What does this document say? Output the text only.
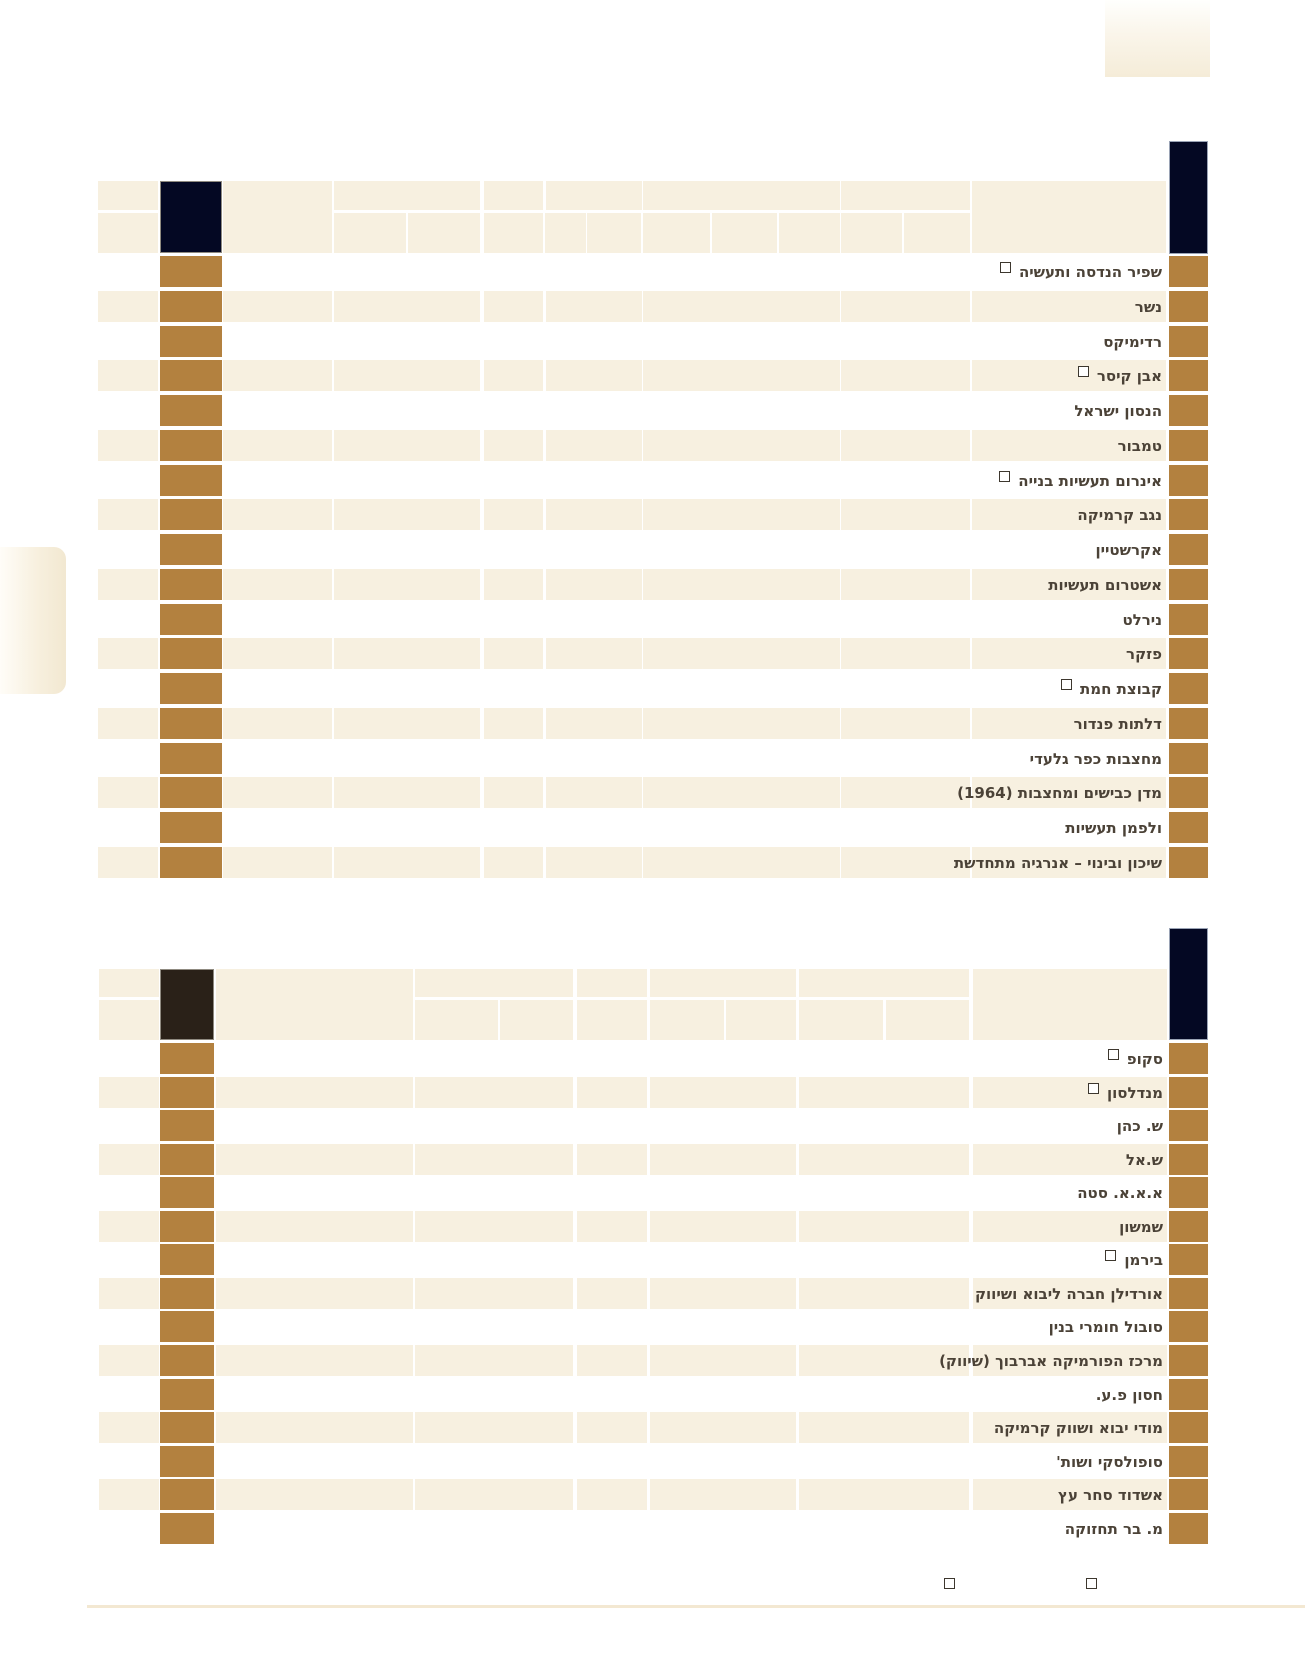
שפיר הנדסה ותעשיה
נשר
רדימיקס
אבן קיסר
הנסון ישראל
טמבור
אינרום תעשיות בנייה
נגב קרמיקה
אקרשטיין
אשטרום תעשיות
נירלט
פזקר
קבוצת חמת
דלתות פנדור
מחצבות כפר גלעדי
מדן כבישים ומחצבות (1964)
ולפמן תעשיות
שיכון ובינוי – אנרגיה מתחדשת
סקופ
מנדלסון
ש. כהן
ש.אל
א.א.א. סטה
שמשון
בירמן
אורדילן חברה ליבוא ושיווק
סובול חומרי בנין
מרכז הפורמיקה אברבוך (שיווק)
חסון פ.ע.
מודי יבוא ושווק קרמיקה
סופולסקי ושות'
אשדוד סחר עץ
מ. בר תחזוקה
